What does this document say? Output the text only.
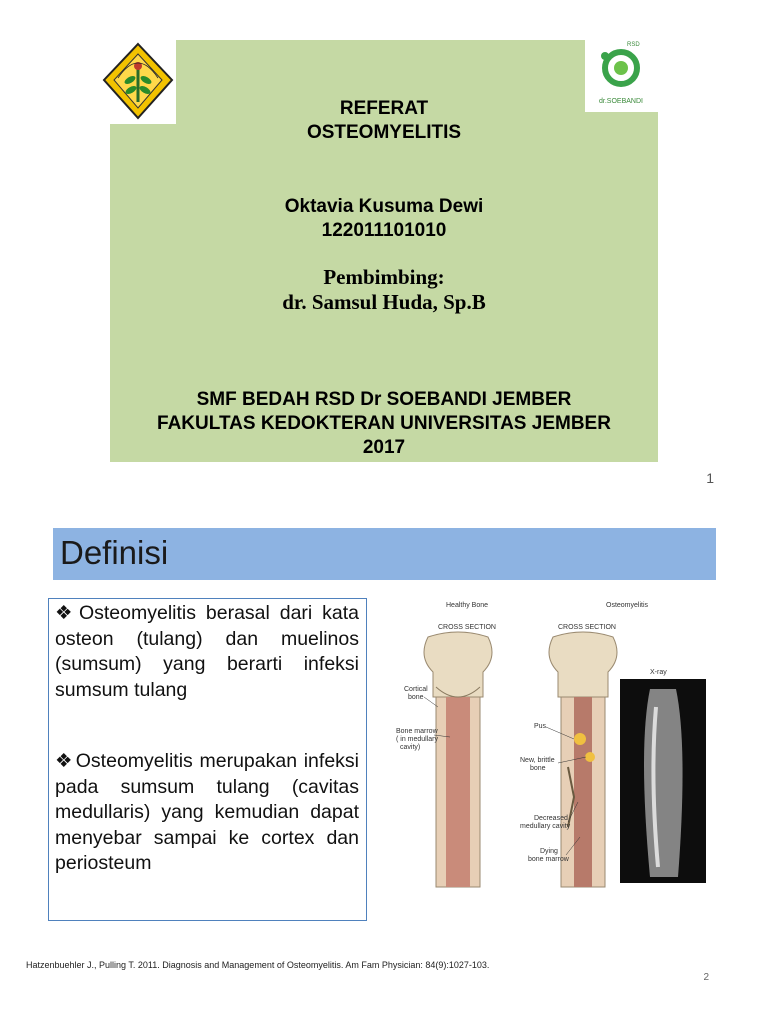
REFERAT
OSTEOMYELITIS
Oktavia Kusuma Dewi
122011101010
Pembimbing:
dr. Samsul Huda, Sp.B
SMF BEDAH RSD Dr SOEBANDI JEMBER
FAKULTAS KEDOKTERAN UNIVERSITAS JEMBER
2017
RSD
dr.SOEBANDI
1
Definisi
❖ Osteomyelitis berasal dari kata osteon (tulang) dan muelinos (sumsum) yang berarti infeksi sumsum tulang
❖ Osteomyelitis merupakan infeksi pada sumsum tulang (cavitas medullaris) yang kemudian dapat menyebar sampai ke cortex dan periosteum
Healthy Bone	Osteomyelitis
CROSS SECTION	CROSS SECTION
X-ray
Cortical
bone
Bone marrow
( in medullary
cavity)
Pus
New, brittle
bone
Decreased
medullary cavity
Dying
bone marrow
Hatzenbuehler J., Pulling T. 2011. Diagnosis and Management of Osteomyelitis. Am Fam Physician: 84(9):1027-103.
2
